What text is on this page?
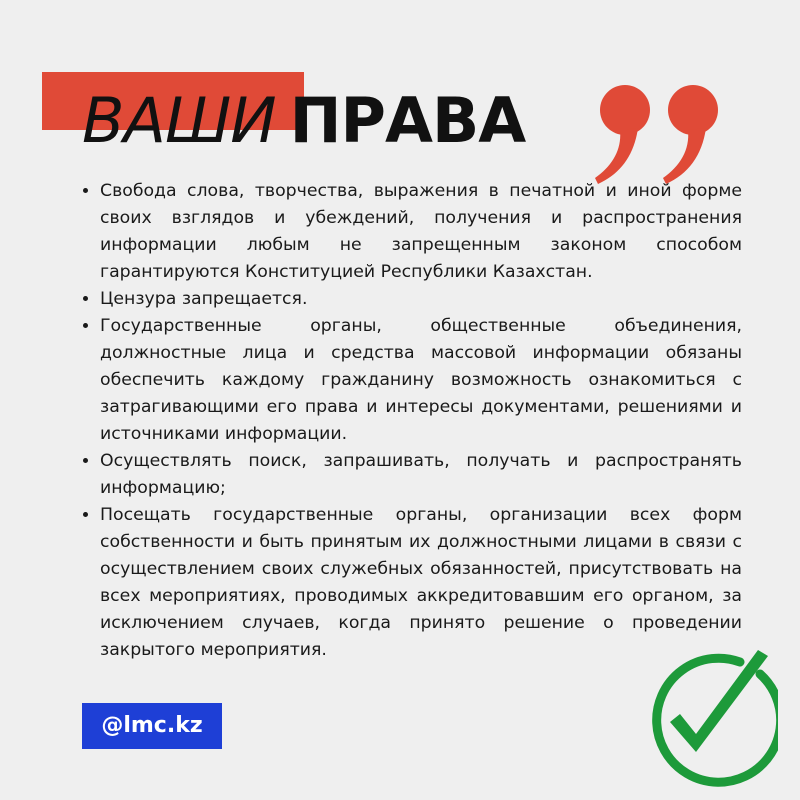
ВАШИ ПРАВА
• Свобода слова, творчества, выражения в печатной и иной форме своих взглядов и убеждений, получения и распространения информации любым не запрещенным законом способом гарантируются Конституцией Республики Казахстан.
• Цензура запрещается.
• Государственные органы, общественные объединения, должностные лица и средства массовой информации обязаны обеспечить каждому гражданину возможность ознакомиться с затрагивающими его права и интересы документами, решениями и источниками информации.
• Осуществлять поиск, запрашивать, получать и распространять информацию;
• Посещать государственные органы, организации всех форм собственности и быть принятым их должностными лицами в связи с осуществлением своих служебных обязанностей, присутствовать на всех мероприятиях, проводимых аккредитовавшим его органом, за исключением случаев, когда принято решение о проведении закрытого мероприятия.
@lmc.kz
